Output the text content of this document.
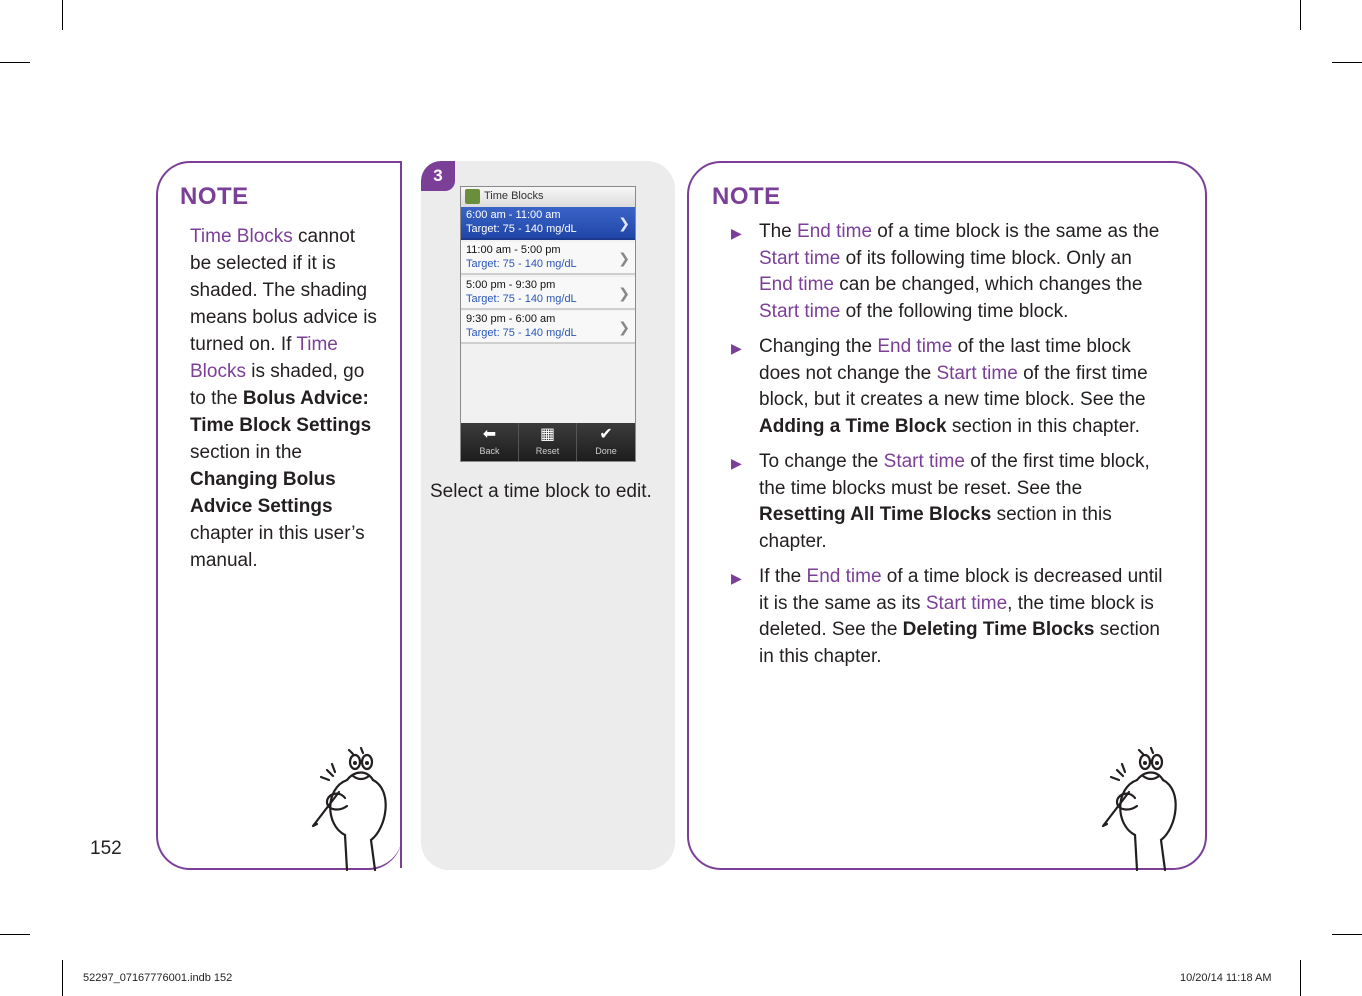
NOTE
Time Blocks cannot be selected if it is shaded. The shading means bolus advice is turned on. If Time Blocks is shaded, go to the Bolus Advice: Time Block Settings section in the Changing Bolus Advice Settings chapter in this user’s manual.
3
Time Blocks
6:00 am - 11:00 am
Target: 75 - 140 mg/dL	❯
11:00 am - 5:00 pm
Target: 75 - 140 mg/dL	❯
5:00 pm - 9:30 pm
Target: 75 - 140 mg/dL	❯
9:30 pm - 6:00 am
Target: 75 - 140 mg/dL	❯
⬅
Back
▦
Reset
✔
Done
Select a time block to edit.
NOTE
▶ The End time of a time block is the same as the Start time of its following time block. Only an End time can be changed, which changes the Start time of the following time block.
▶ Changing the End time of the last time block does not change the Start time of the first time block, but it creates a new time block. See the Adding a Time Block section in this chapter.
▶ To change the Start time of the first time block, the time blocks must be reset. See the Resetting All Time Blocks section in this chapter.
▶ If the End time of a time block is decreased until it is the same as its Start time, the time block is deleted. See the Deleting Time Blocks section in this chapter.
152
52297_07167776001.indb 152	10/20/14 11:18 AM
